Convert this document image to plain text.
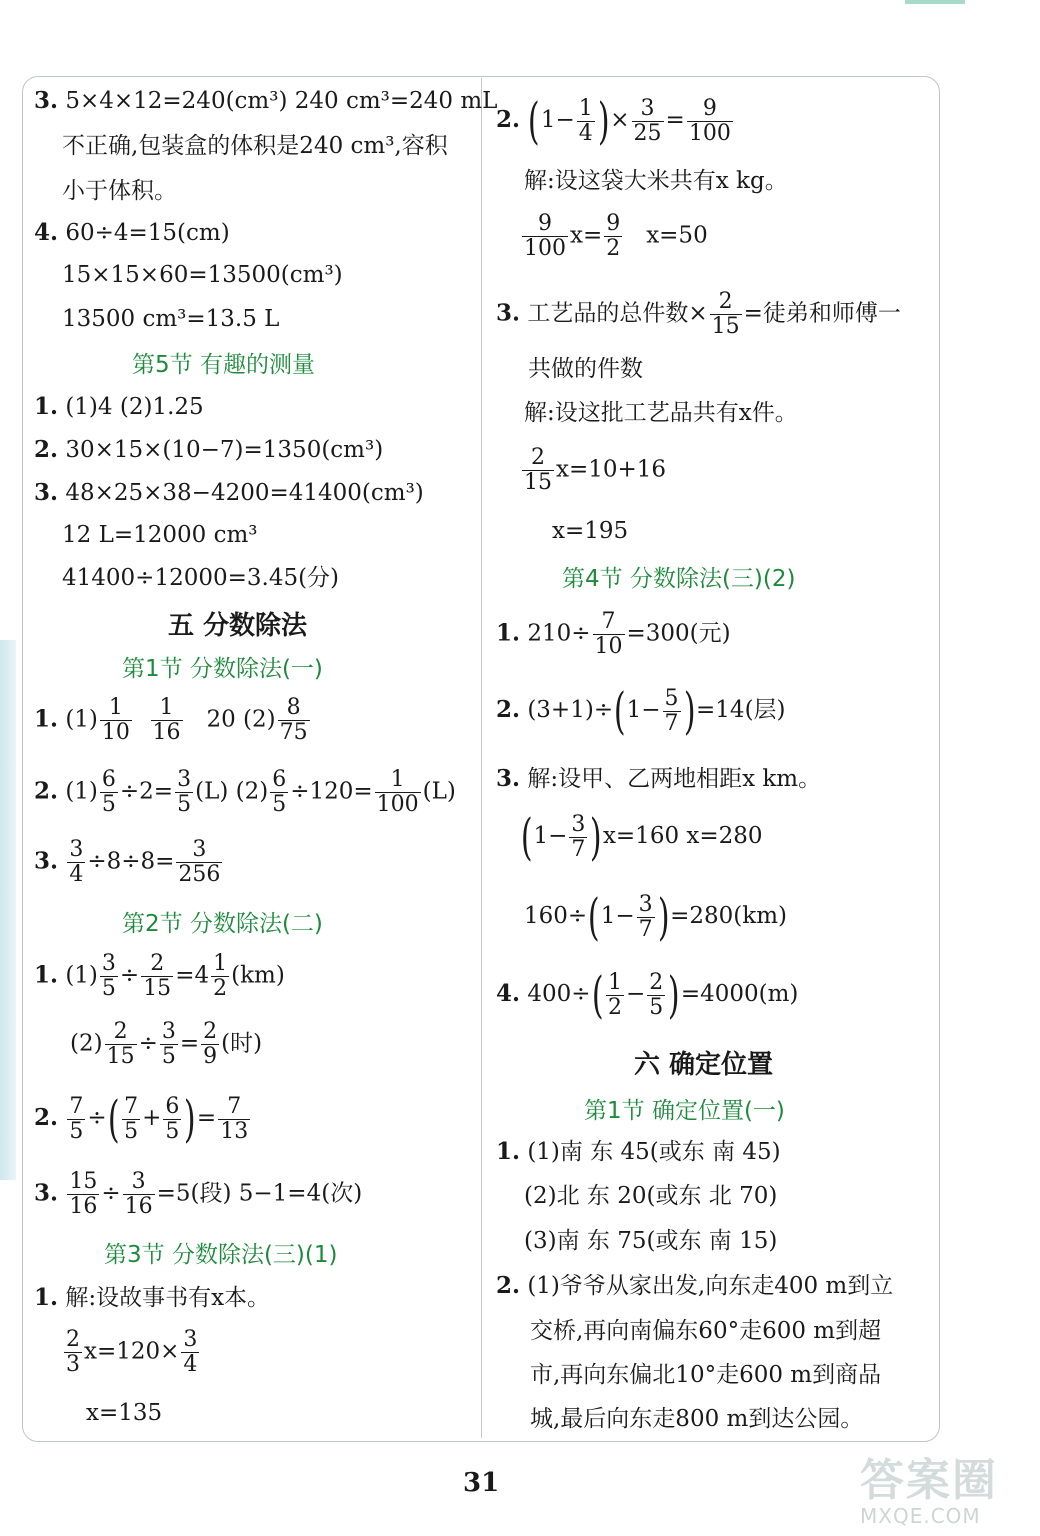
3. 5×4×12=240(cm³) 240 cm³=240 mL
不正确,包装盒的体积是240 cm³,容积
小于体积。
4. 60÷4=15(cm)
15×15×60=13500(cm³)
13500 cm³=13.5 L
第5节 有趣的测量
1. (1)4 (2)1.25
2. 30×15×(10−7)=1350(cm³)
3. 48×25×38−4200=41400(cm³)
12 L=12000 cm³
41400÷12000=3.45(分)
五 分数除法
第1节 分数除法(一)
1. $(1) \frac{1}{10}$
$\frac{1}{16} 20$ $(2) \frac{8}{75}$
2. $(1) \frac{6}{5} \div 2= \frac{3}{5} (L)$ $(2) \frac{6}{5} \div 120= \frac{1}{100} (L)$
3. $\frac{3}{4} \div 8\div 8= \frac{3}{256}$
第2节 分数除法(二)
1. $(1) \frac{3}{5} \div \frac{2}{15} =4 \frac{1}{2} (km)$
$(2) \frac{2}{15} \div \frac{3}{5} = \frac{2}{9}$ (时)
2. $\frac{7}{5}$ ÷( $\frac{7}{5} + \frac{6}{5}$ )= $\frac{7}{13}$
3. $\frac{15}{16} \div \frac{3}{16} =5$(段) 5−1=4(次)
第3节 分数除法(三)(1)
1. 解:设故事书有x本。
$\frac{2}{3} x=120\times \frac{3}{4}$
x=135
2. ($1- \frac{1}{4}$ )× $\frac{3}{25} = \frac{9}{100}$
解:设这袋大米共有x kg。
$\frac{9}{100} x= \frac{9}{2} x=50$
3. 工艺品的总件数× $\frac{2}{15}$ =徒弟和师傅一
共做的件数
解:设这批工艺品共有x件。
$\frac{2}{15} x=10+16$
x=195
第4节 分数除法(三)(2)
1. $210\div \frac{7}{10} =300$(元)
2. $(3+1)\div(1- \frac{5}{7} )=14$(层)
3. 解:设甲、乙两地相距x km。
$(1- \frac{3}{7} )x=160$ x=280
$160\div(1- \frac{3}{7} )=280(km)$
4. $400\div( \frac{1}{2} - \frac{2}{5} )=4000(m)$
六 确定位置
第1节 确定位置(一)
1. (1)南 东 45(或东 南 45)
(2)北 东 20(或东 北 70)
(3)南 东 75(或东 南 15)
2. (1)爷爷从家出发,向东走400 m到立
交桥,再向南偏东60°走600 m到超
市,再向东偏北10°走600 m到商品
城,最后向东走800 m到达公园。
31	答案圈
MXQE.COM
